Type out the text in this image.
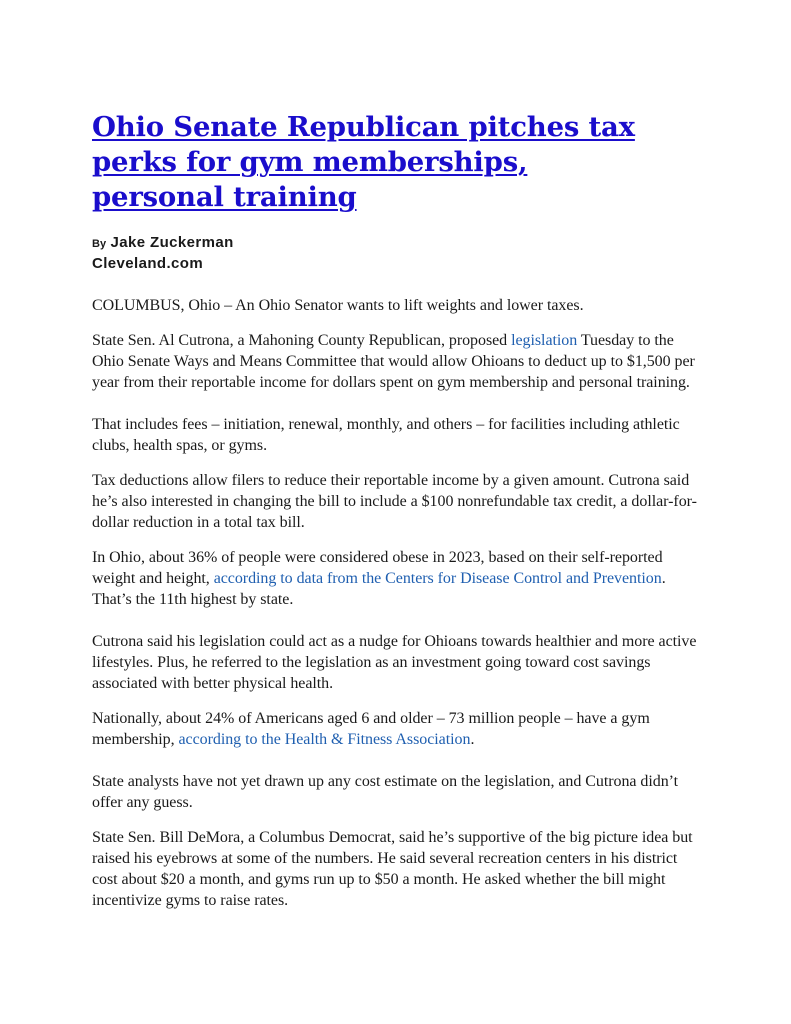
Ohio Senate Republican pitches tax
perks for gym memberships,
personal training
By Jake Zuckerman
Cleveland.com

COLUMBUS, Ohio – An Ohio Senator wants to lift weights and lower taxes.

State Sen. Al Cutrona, a Mahoning County Republican, proposed legislation Tuesday to the Ohio Senate Ways and Means Committee that would allow Ohioans to deduct up to $1,500 per year from their reportable income for dollars spent on gym membership and personal training.

That includes fees – initiation, renewal, monthly, and others – for facilities including athletic clubs, health spas, or gyms.

Tax deductions allow filers to reduce their reportable income by a given amount. Cutrona said he’s also interested in changing the bill to include a $100 nonrefundable tax credit, a dollar-for-dollar reduction in a total tax bill.

In Ohio, about 36% of people were considered obese in 2023, based on their self-reported weight and height, according to data from the Centers for Disease Control and Prevention. That’s the 11th highest by state.

Cutrona said his legislation could act as a nudge for Ohioans towards healthier and more active lifestyles. Plus, he referred to the legislation as an investment going toward cost savings associated with better physical health.

Nationally, about 24% of Americans aged 6 and older – 73 million people – have a gym membership, according to the Health & Fitness Association.

State analysts have not yet drawn up any cost estimate on the legislation, and Cutrona didn’t offer any guess.

State Sen. Bill DeMora, a Columbus Democrat, said he’s supportive of the big picture idea but raised his eyebrows at some of the numbers. He said several recreation centers in his district cost about $20 a month, and gyms run up to $50 a month. He asked whether the bill might incentivize gyms to raise rates.
